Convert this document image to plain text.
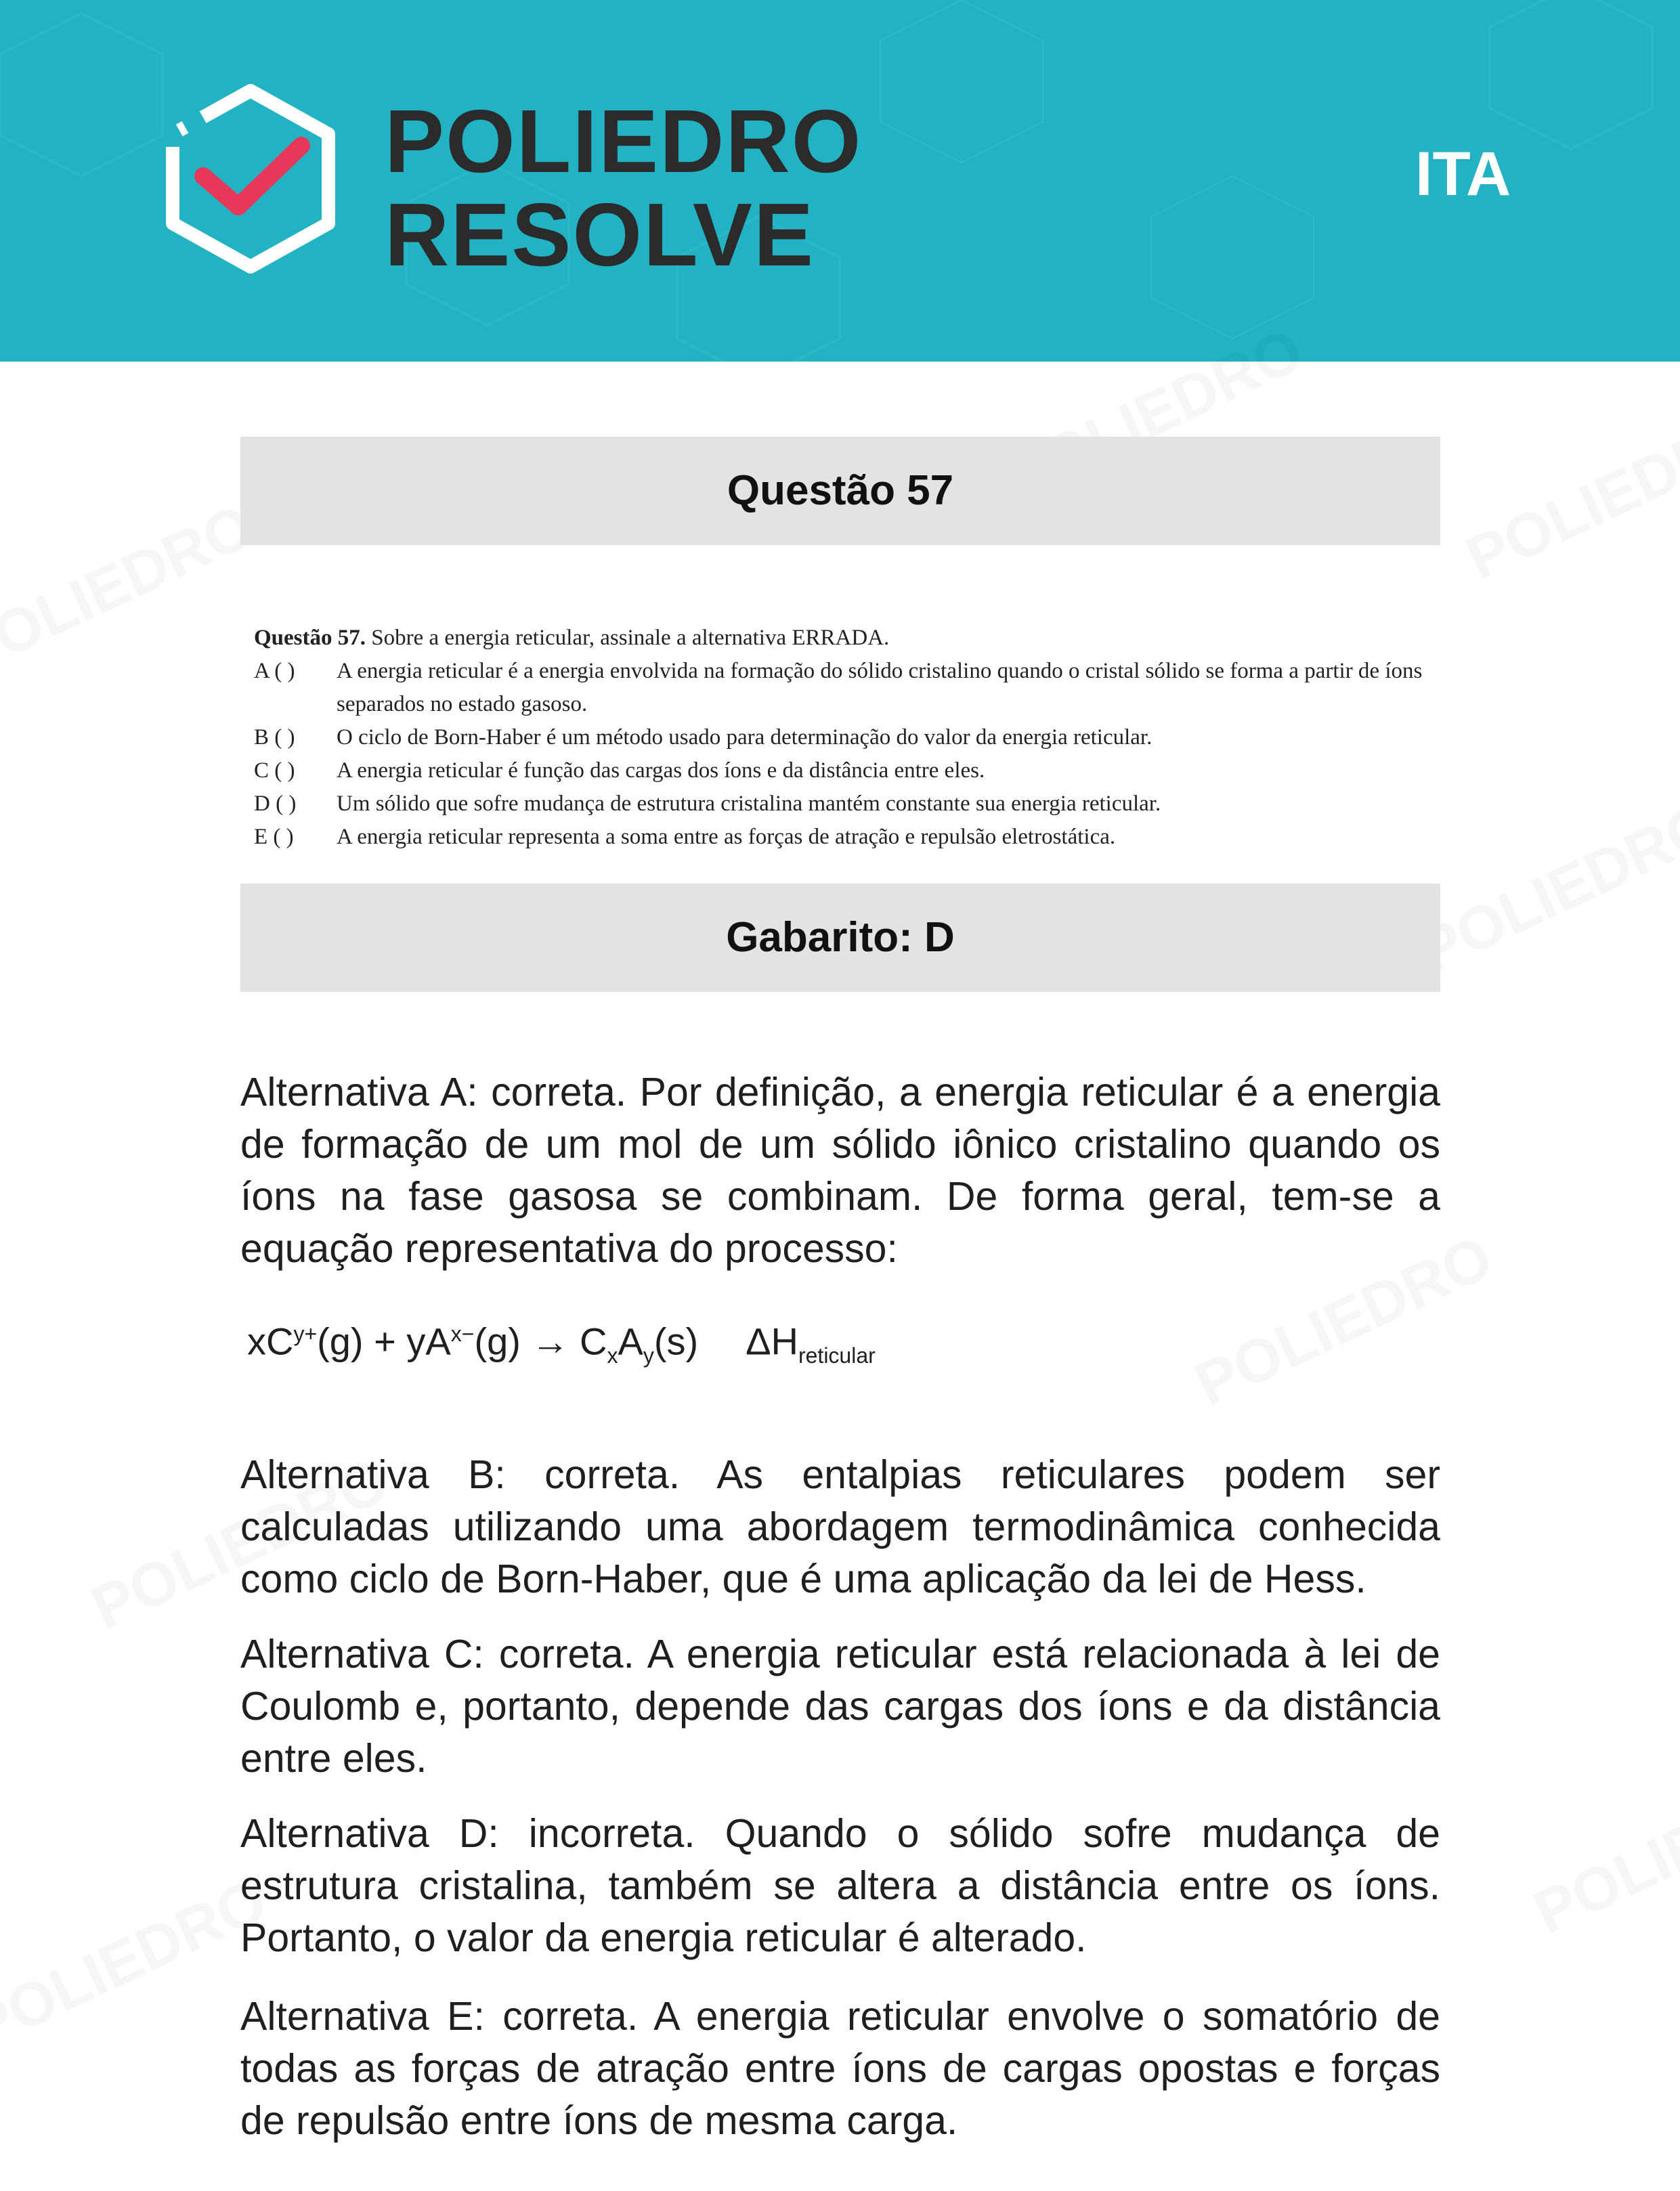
POLIEDRO
RESOLVE
ITA
Questão 57
Questão 57. Sobre a energia reticular, assinale a alternativa ERRADA.
A ( )	A energia reticular é a energia envolvida na formação do sólido cristalino quando o cristal sólido se forma a partir de íons separados no estado gasoso.
B ( )	O ciclo de Born-Haber é um método usado para determinação do valor da energia reticular.
C ( )	A energia reticular é função das cargas dos íons e da distância entre eles.
D ( )	Um sólido que sofre mudança de estrutura cristalina mantém constante sua energia reticular.
E ( )	A energia reticular representa a soma entre as forças de atração e repulsão eletrostática.
Gabarito: D

Alternativa A: correta. Por definição, a energia reticular é a energia de formação de um mol de um sólido iônico cristalino quando os íons na fase gasosa se combinam. De forma geral, tem-se a equação representativa do processo:

$xC^{y+}(g) + yA^{x-}(g) \to C_xA_y(s)$ $\Delta H_{reticular}$

Alternativa B: correta. As entalpias reticulares podem ser calculadas utilizando uma abordagem termodinâmica conhecida como ciclo de Born-Haber, que é uma aplicação da lei de Hess.

Alternativa C: correta. A energia reticular está relacionada à lei de Coulomb e, portanto, depende das cargas dos íons e da distância entre eles.

Alternativa D: incorreta. Quando o sólido sofre mudança de estrutura cristalina, também se altera a distância entre os íons. Portanto, o valor da energia reticular é alterado.

Alternativa E: correta. A energia reticular envolve o somatório de todas as forças de atração entre íons de cargas opostas e forças de repulsão entre íons de mesma carga.
